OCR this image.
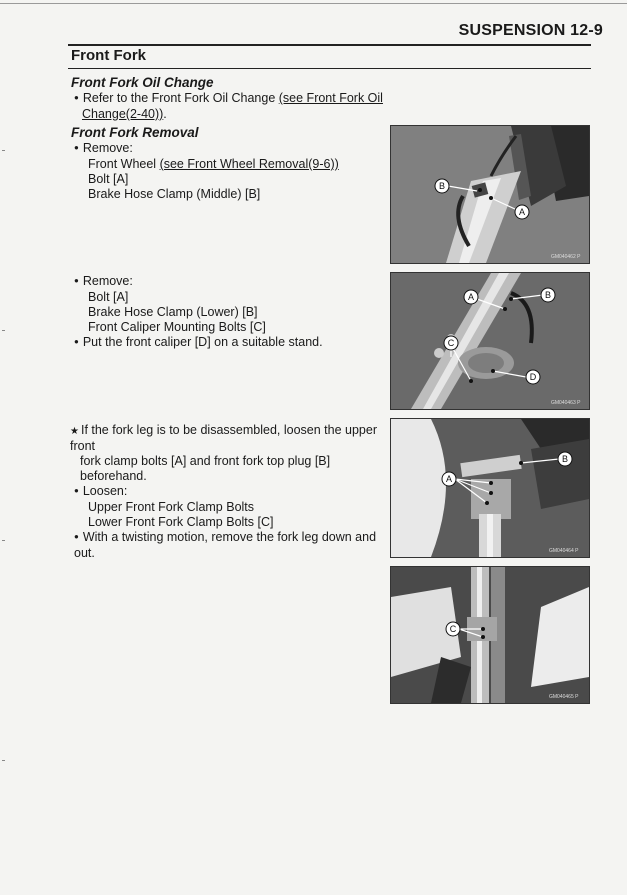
SUSPENSION 12-9
Front Fork
Front Fork Oil Change
● Refer to the Front Fork Oil Change (see Front Fork Oil
Change(2-40)).
Front Fork Removal
● Remove:
Front Wheel (see Front Wheel Removal(9-6))
Bolt [A]
Brake Hose Clamp (Middle) [B]
● Remove:
Bolt [A]
Brake Hose Clamp (Lower) [B]
Front Caliper Mounting Bolts [C]
● Put the front caliper [D] on a suitable stand.
★ If the fork leg is to be disassembled, loosen the upper front
fork clamp bolts [A] and front fork top plug [B] beforehand.
● Loosen:
Upper Front Fork Clamp Bolts
Lower Front Fork Clamp Bolts [C]
● With a twisting motion, remove the fork leg down and out.
B
A
GM040462 P
A	B
C
D
GM040463 P
B
A
GM040464 P
C
GM040465 P
